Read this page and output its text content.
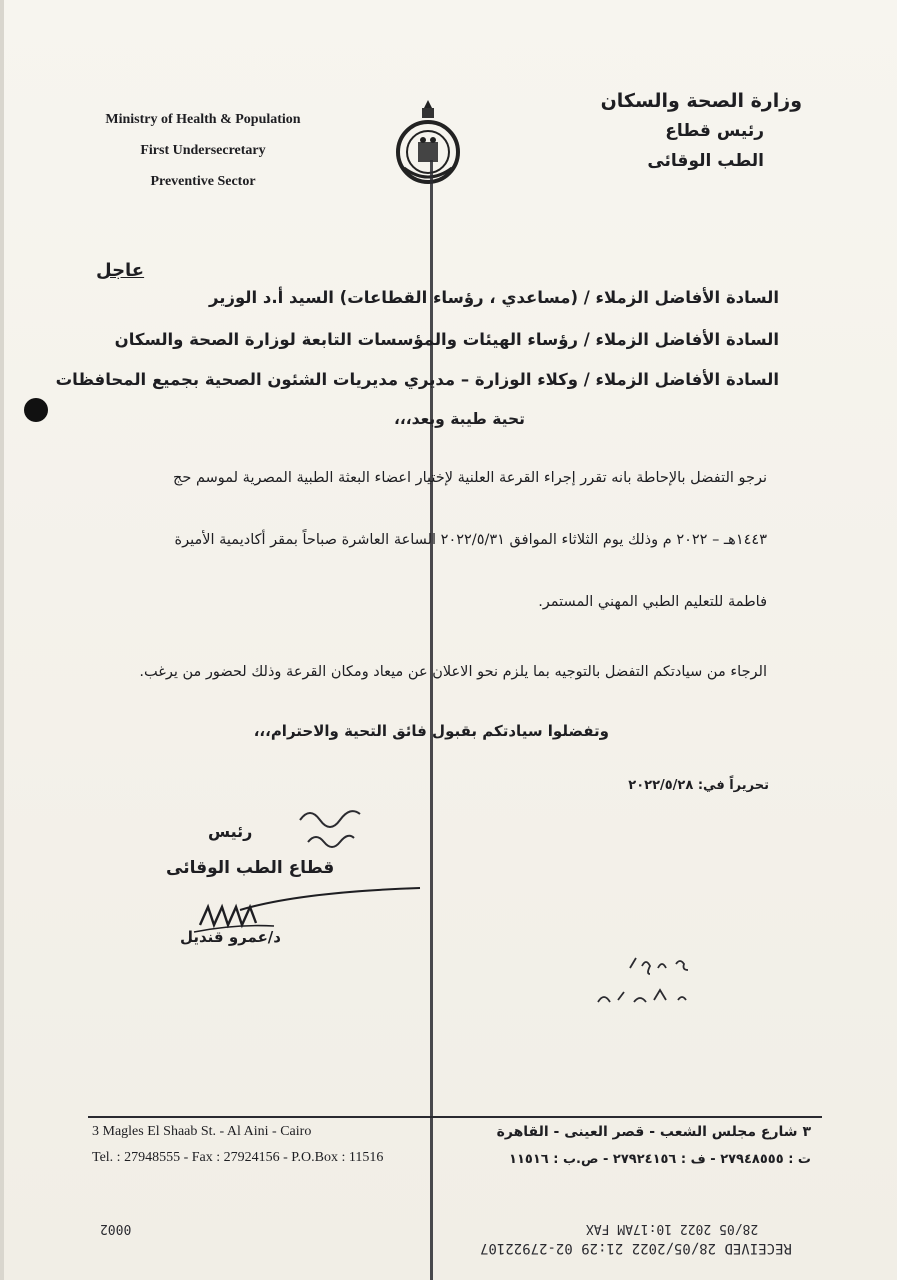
Ministry of Health & Population
First Undersecretary
Preventive Sector
وزارة الصحة والسكان
رئيس قطاع
الطب الوقائى
عاجل
السادة الأفاضل الزملاء / (مساعدي ، رؤساء القطاعات) السيد أ.د الوزير
السادة الأفاضل الزملاء / رؤساء الهيئات والمؤسسات التابعة لوزارة الصحة والسكان
السادة الأفاضل الزملاء / وكلاء الوزارة – مديري مديريات الشئون الصحية بجميع المحافظات
تحية طيبة وبعد،،،
نرجو التفضل بالإحاطة بانه تقرر إجراء القرعة العلنية لإختيار اعضاء البعثة الطبية المصرية لموسم حج
١٤٤٣هـ – ٢٠٢٢ م وذلك يوم الثلاثاء الموافق ٢٠٢٢/٥/٣١ الساعة العاشرة صباحاً بمقر أكاديمية الأميرة
فاطمة للتعليم الطبي المهني المستمر.
الرجاء من سيادتكم التفضل بالتوجيه بما يلزم نحو الاعلان عن ميعاد ومكان القرعة وذلك لحضور من يرغب.
وتفضلوا سيادتكم بقبول فائق التحية والاحترام،،،
تحريراً في: ٢٠٢٢/٥/٢٨
رئيس
قطاع الطب الوقائى
د/عمرو قنديل
3 Magles El Shaab St. - Al Aini - Cairo
Tel. : 27948555 - Fax : 27924156 - P.O.Box : 11516
٣ شارع مجلس الشعب - قصر العينى - القاهرة
ت : ٢٧٩٤٨٥٥٥ - ف : ٢٧٩٢٤١٥٦ - ص.ب : ١١٥١٦
28/05 2022 10:17AM FAX
RECEIVED 28/05/2022 21:29 02-27922107
0002
